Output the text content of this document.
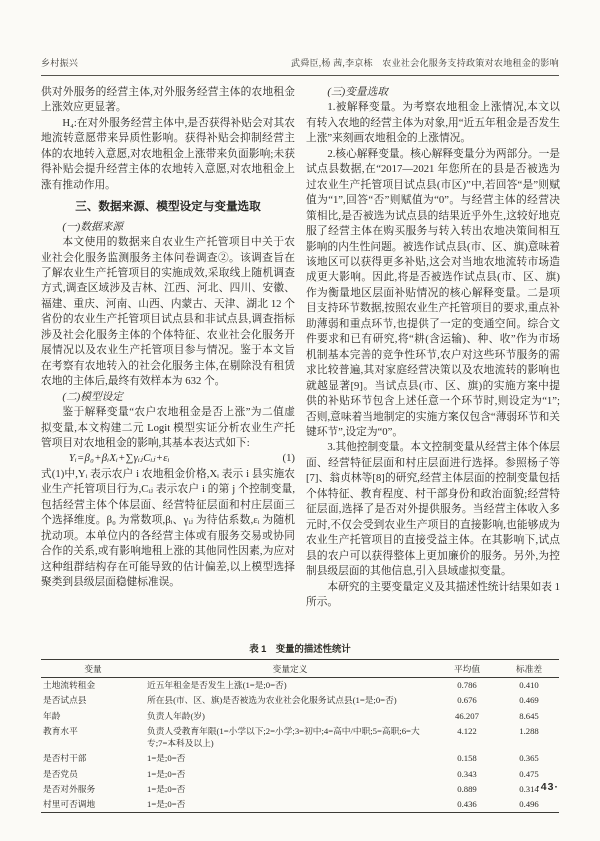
乡村振兴	武舜臣,杨 茜,李京栋　农业社会化服务支持政策对农地租金的影响

供对外服务的经营主体,对外服务经营主体的农地租金上涨效应更显著。

H₄:在对外服务经营主体中,是否获得补贴会对其农地流转意愿带来异质性影响。获得补贴会抑制经营主体的农地转入意愿,对农地租金上涨带来负面影响;未获得补贴会提升经营主体的农地转入意愿,对农地租金上涨有推动作用。

三、数据来源、模型设定与变量选取

(一)数据来源

本文使用的数据来自农业生产托管项目中关于农业社会化服务监测服务主体问卷调查②。该调查旨在了解农业生产托管项目的实施成效,采取线上随机调查方式,调查区域涉及吉林、江西、河北、四川、安徽、福建、重庆、河南、山西、内蒙古、天津、湖北 12 个省份的农业生产托管项目试点县和非试点县,调查指标涉及社会化服务主体的个体特征、农业社会化服务开展情况以及农业生产托管项目参与情况。鉴于本文旨在考察有农地转入的社会化服务主体,在剔除没有租赁农地的主体后,最终有效样本为 632 个。

(二)模型设定

鉴于解释变量“农户农地租金是否上涨”为二值虚拟变量,本文构建二元 Logit 模型实证分析农业生产托管项目对农地租金的影响,其基本表达式如下:

Yᵢ=β₀+βᵢXᵢ+∑γᵢⱼCᵢⱼ+εᵢ	(1)

式(1)中,Yᵢ 表示农户 i 农地租金价格,Xᵢ 表示 i 县实施农业生产托管项目行为,Cᵢⱼ 表示农户 i 的第 j 个控制变量,包括经营主体个体层面、经营特征层面和村庄层面三个选择维度。β₀ 为常数项,βᵢ、γᵢⱼ 为待估系数,εᵢ 为随机扰动项。本单位内的各经营主体或有服务交易或协同合作的关系,或有影响地租上涨的其他同性因素,为应对这种组群结构存在可能导致的估计偏差,以上模型选择聚类到县级层面稳健标准误。

(三)变量选取

1.被解释变量。为考察农地租金上涨情况,本文以有转入农地的经营主体为对象,用“近五年租金是否发生上涨”来刻画农地租金的上涨情况。

2.核心解释变量。核心解释变量分为两部分。一是试点县数据,在“2017—2021 年您所在的县是否被选为过农业生产托管项目试点县(市区)”中,若回答“是”则赋值为“1”,回答“否”则赋值为“0”。与经营主体的经营决策相比,是否被选为试点县的结果近乎外生,这较好地克服了经营主体在购买服务与转入转出农地决策间相互影响的内生性问题。被选作试点县(市、区、旗)意味着该地区可以获得更多补贴,这会对当地农地流转市场造成更大影响。因此,将是否被选作试点县(市、区、旗)作为衡量地区层面补贴情况的核心解释变量。二是项目支持环节数据,按照农业生产托管项目的要求,重点补助薄弱和重点环节,也提供了一定的变通空间。综合文件要求和已有研究,将“耕(含运输)、种、收”作为市场机制基本完善的竞争性环节,农户对这些环节服务的需求比较普遍,其对家庭经营决策以及农地流转的影响也就越显著[9]。当试点县(市、区、旗)的实施方案中提供的补贴环节包含上述任意一个环节时,则设定为“1”;否则,意味着当地制定的实施方案仅包含“薄弱环节和关键环节”,设定为“0”。

3.其他控制变量。本文控制变量从经营主体个体层面、经营特征层面和村庄层面进行选择。参照杨子等[7]、翁贞林等[8]的研究,经营主体层面的控制变量包括个体特征、教育程度、村干部身份和政治面貌;经营特征层面,选择了是否对外提供服务。当经营主体收入多元时,不仅会受到农业生产项目的直接影响,也能够成为农业生产托管项目的直接受益主体。在其影响下,试点县的农户可以获得整体上更加廉价的服务。另外,为控制县级层面的其他信息,引入县域虚拟变量。

本研究的主要变量定义及其描述性统计结果如表 1 所示。

表 1　变量的描述性统计
变量	变量定义	平均值	标准差
土地流转租金	近五年租金是否发生上涨(1=是;0=否)	0.786	0.410
是否试点县	所在县(市、区、旗)是否被选为农业社会化服务试点县(1=是;0=否)	0.676	0.469
年龄	负责人年龄(岁)	46.207	8.645
教育水平	负责人受教育年限(1=小学以下;2=小学;3=初中;4=高中/中职;5=高职;6=大专;7=本科及以上)	4.122	1.288
是否村干部	1=是;0=否	0.158	0.365
是否党员	1=是;0=否	0.343	0.475
是否对外服务	1=是;0=否	0.889	0.314
村里可否调地	1=是;0=否	0.436	0.496
·43·
